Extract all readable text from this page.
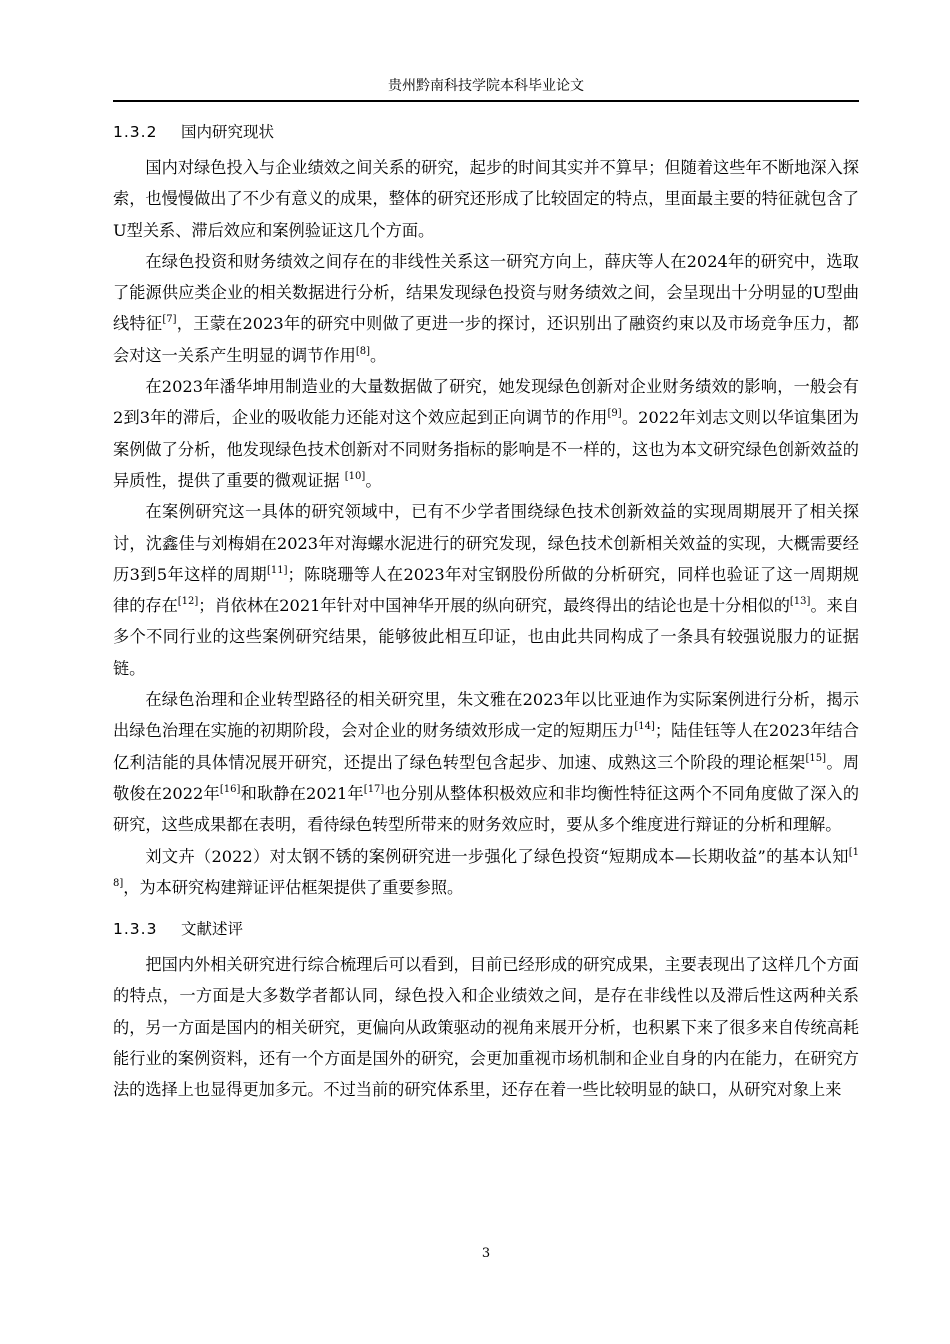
贵州黔南科技学院本科毕业论文
1.3.2 国内研究现状

国内对绿色投入与企业绩效之间关系的研究，起步的时间其实并不算早；但随着这些年不断地深入探索，也慢慢做出了不少有意义的成果，整体的研究还形成了比较固定的特点，里面最主要的特征就包含了U型关系、滞后效应和案例验证这几个方面。

在绿色投资和财务绩效之间存在的非线性关系这一研究方向上，薛庆等人在2024年的研究中，选取了能源供应类企业的相关数据进行分析，结果发现绿色投资与财务绩效之间，会呈现出十分明显的U型曲线特征[7]，王蒙在2023年的研究中则做了更进一步的探讨，还识别出了融资约束以及市场竞争压力，都会对这一关系产生明显的调节作用[8]。

在2023年潘华坤用制造业的大量数据做了研究，她发现绿色创新对企业财务绩效的影响，一般会有2到3年的滞后，企业的吸收能力还能对这个效应起到正向调节的作用[9]。2022年刘志文则以华谊集团为案例做了分析，他发现绿色技术创新对不同财务指标的影响是不一样的，这也为本文研究绿色创新效益的异质性，提供了重要的微观证据 [10]。

在案例研究这一具体的研究领域中，已有不少学者围绕绿色技术创新效益的实现周期展开了相关探讨，沈鑫佳与刘梅娟在2023年对海螺水泥进行的研究发现，绿色技术创新相关效益的实现，大概需要经历3到5年这样的周期[11]；陈晓珊等人在2023年对宝钢股份所做的分析研究，同样也验证了这一周期规律的存在[12]；肖依林在2021年针对中国神华开展的纵向研究，最终得出的结论也是十分相似的[13]。来自多个不同行业的这些案例研究结果，能够彼此相互印证，也由此共同构成了一条具有较强说服力的证据链。

在绿色治理和企业转型路径的相关研究里，朱文雅在2023年以比亚迪作为实际案例进行分析，揭示出绿色治理在实施的初期阶段，会对企业的财务绩效形成一定的短期压力[14]；陆佳钰等人在2023年结合亿利洁能的具体情况展开研究，还提出了绿色转型包含起步、加速、成熟这三个阶段的理论框架[15]。周敬俊在2022年[16]和耿静在2021年[17]也分别从整体积极效应和非均衡性特征这两个不同角度做了深入的研究，这些成果都在表明，看待绿色转型所带来的财务效应时，要从多个维度进行辩证的分析和理解。

刘文卉（2022）对太钢不锈的案例研究进一步强化了绿色投资“短期成本—长期收益”的基本认知[18]，为本研究构建辩证评估框架提供了重要参照。

1.3.3 文献述评

把国内外相关研究进行综合梳理后可以看到，目前已经形成的研究成果，主要表现出了这样几个方面的特点，一方面是大多数学者都认同，绿色投入和企业绩效之间，是存在非线性以及滞后性这两种关系的，另一方面是国内的相关研究，更偏向从政策驱动的视角来展开分析，也积累下来了很多来自传统高耗能行业的案例资料，还有一个方面是国外的研究，会更加重视市场机制和企业自身的内在能力，在研究方法的选择上也显得更加多元。不过当前的研究体系里，还存在着一些比较明显的缺口，从研究对象上来

3
